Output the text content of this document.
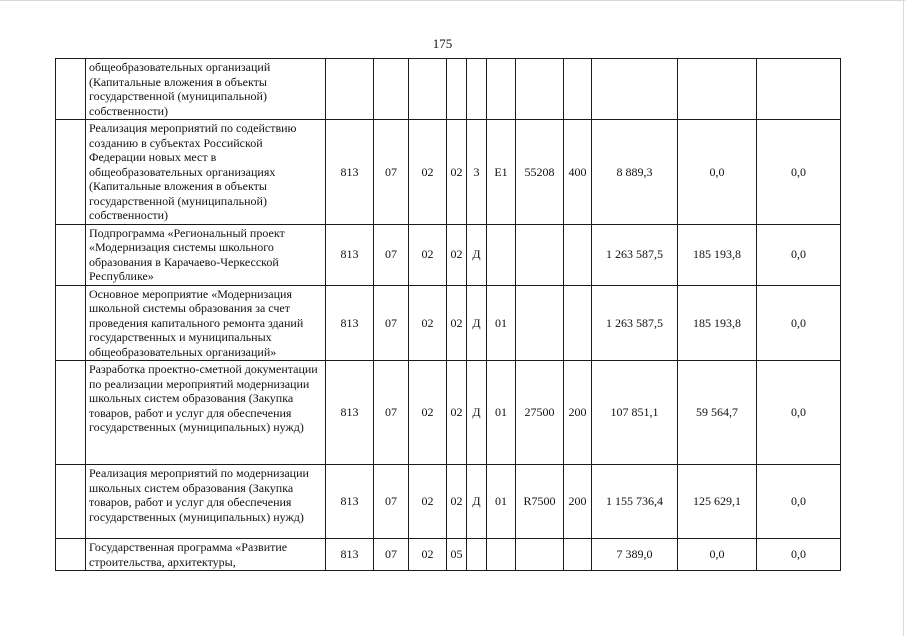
175
	общеобразовательных организаций (Капитальные вложения в объекты государственной (муниципальной) собственности)											
	Реализация мероприятий по содействию созданию в субъектах Российской Федерации новых мест в общеобразовательных организациях (Капитальные вложения в объекты государственной (муниципальной) собственности)	813	07	02	02	3	E1	55208	400	8 889,3	0,0	0,0
	Подпрограмма «Региональный проект «Модернизация системы школьного образования в Карачаево-Черкесской Республике»	813	07	02	02	Д				1 263 587,5	185 193,8	0,0
	Основное мероприятие «Модернизация школьной системы образования за счет проведения капитального ремонта зданий государственных и муниципальных общеобразовательных организаций»	813	07	02	02	Д	01			1 263 587,5	185 193,8	0,0
	Разработка проектно-сметной документации по реализации мероприятий модернизации школьных систем образования (Закупка товаров, работ и услуг для обеспечения государственных (муниципальных) нужд)	813	07	02	02	Д	01	27500	200	107 851,1	59 564,7	0,0
	Реализация мероприятий по модернизации школьных систем образования (Закупка товаров, работ и услуг для обеспечения государственных (муниципальных) нужд)	813	07	02	02	Д	01	R7500	200	1 155 736,4	125 629,1	0,0
	Государственная программа «Развитие строительства, архитектуры,	813	07	02	05					7 389,0	0,0	0,0
